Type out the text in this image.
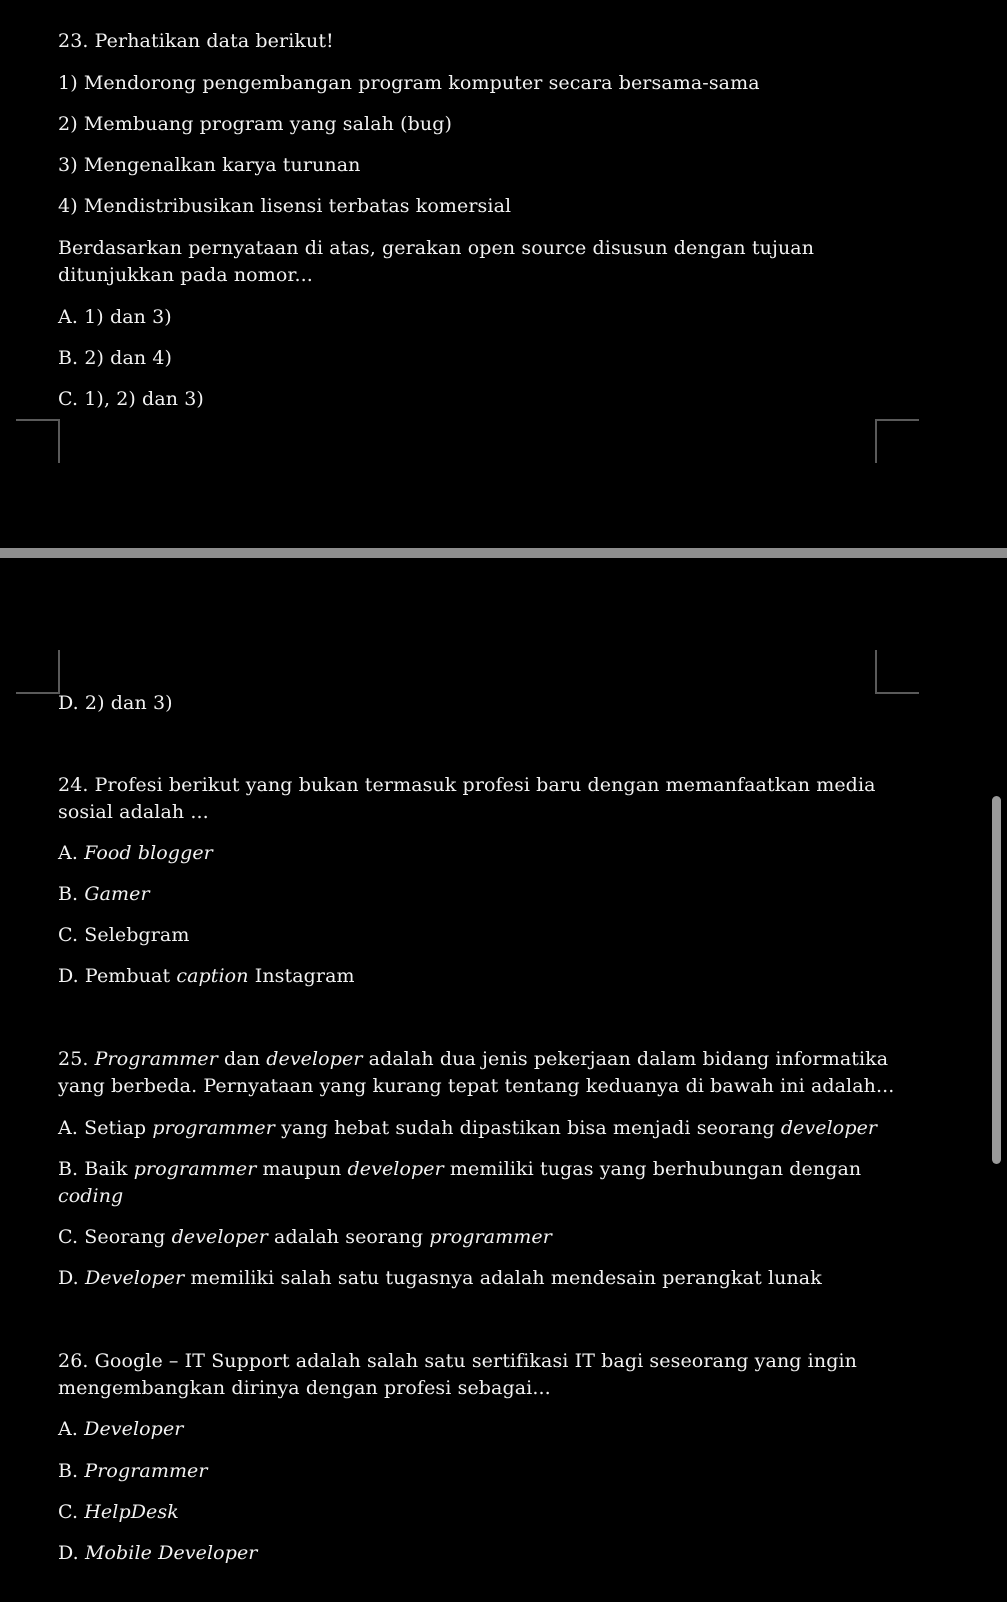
23. Perhatikan data berikut!
1) Mendorong pengembangan program komputer secara bersama-sama
2) Membuang program yang salah (bug)
3) Mengenalkan karya turunan
4) Mendistribusikan lisensi terbatas komersial
Berdasarkan pernyataan di atas, gerakan open source disusun dengan tujuan
ditunjukkan pada nomor...
A. 1) dan 3)
B. 2) dan 4)
C. 1), 2) dan 3)
D. 2) dan 3)
24. Profesi berikut yang bukan termasuk profesi baru dengan memanfaatkan media
sosial adalah ...
A. Food blogger
B. Gamer
C. Selebgram
D. Pembuat caption Instagram
25. Programmer dan developer adalah dua jenis pekerjaan dalam bidang informatika
yang berbeda. Pernyataan yang kurang tepat tentang keduanya di bawah ini adalah...
A. Setiap programmer yang hebat sudah dipastikan bisa menjadi seorang developer
B. Baik programmer maupun developer memiliki tugas yang berhubungan dengan
coding
C. Seorang developer adalah seorang programmer
D. Developer memiliki salah satu tugasnya adalah mendesain perangkat lunak
26. Google – IT Support adalah salah satu sertifikasi IT bagi seseorang yang ingin
mengembangkan dirinya dengan profesi sebagai...
A. Developer
B. Programmer
C. HelpDesk
D. Mobile Developer
